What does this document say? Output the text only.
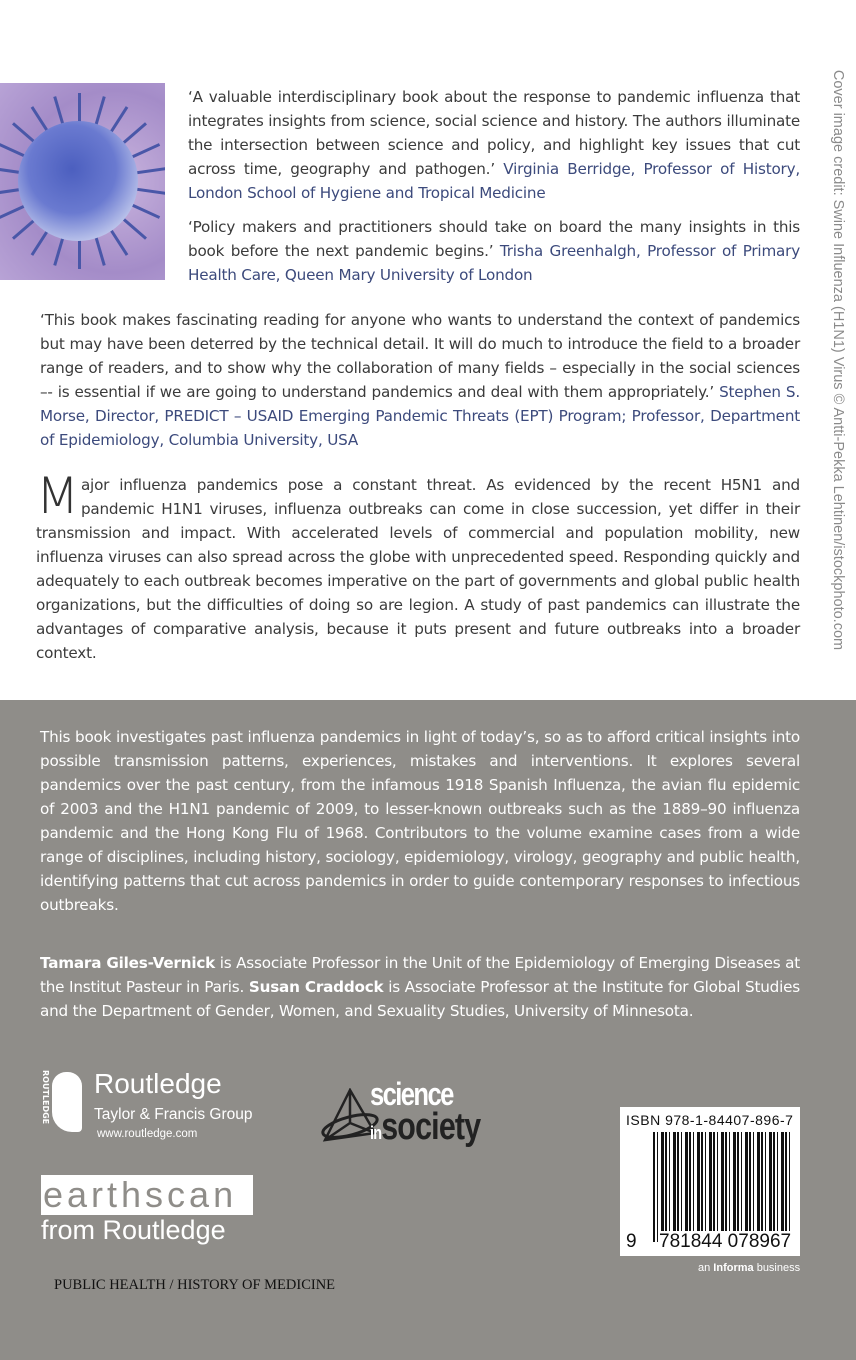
‘A valuable interdisciplinary book about the response to pandemic influenza that integrates insights from science, social science and history. The authors illuminate the intersection between science and policy, and highlight key issues that cut across time, geography and pathogen.’ Virginia Berridge, Professor of History, London School of Hygiene and Tropical Medicine
‘Policy makers and practitioners should take on board the many insights in this book before the next pandemic begins.’ Trisha Greenhalgh, Professor of Primary Health Care, Queen Mary University of London
‘This book makes fascinating reading for anyone who wants to understand the context of pandemics but may have been deterred by the technical detail. It will do much to introduce the field to a broader range of readers, and to show why the collaboration of many fields – especially in the social sciences –- is essential if we are going to understand pandemics and deal with them appropriately.’ Stephen S. Morse, Director, PREDICT – USAID Emerging Pandemic Threats (EPT) Program; Professor, Department of Epidemiology, Columbia University, USA
Major influenza pandemics pose a constant threat. As evidenced by the recent H5N1 and pandemic H1N1 viruses, influenza outbreaks can come in close succession, yet differ in their transmission and impact. With accelerated levels of commercial and population mobility, new influenza viruses can also spread across the globe with unprecedented speed. Responding quickly and adequately to each outbreak becomes imperative on the part of governments and global public health organizations, but the difficulties of doing so are legion. A study of past pandemics can illustrate the advantages of comparative analysis, because it puts present and future outbreaks into a broader context.
Cover image credit: Swine Influenza (H1N1) Virus © Antti-Pekka Lehtinen/istockphoto.com
This book investigates past influenza pandemics in light of today’s, so as to afford critical insights into possible transmission patterns, experiences, mistakes and interventions. It explores several pandemics over the past century, from the infamous 1918 Spanish Influenza, the avian flu epidemic of 2003 and the H1N1 pandemic of 2009, to lesser-known outbreaks such as the 1889–90 influenza pandemic and the Hong Kong Flu of 1968. Contributors to the volume examine cases from a wide range of disciplines, including history, sociology, epidemiology, virology, geography and public health, identifying patterns that cut across pandemics in order to guide contemporary responses to infectious outbreaks.
Tamara Giles-Vernick is Associate Professor in the Unit of the Epidemiology of Emerging Diseases at the Institut Pasteur in Paris. Susan Craddock is Associate Professor at the Institute for Global Studies and the Department of Gender, Women, and Sexuality Studies, University of Minnesota.
ROUTLEDGE Routledge
Taylor & Francis Group
www.routledge.com
science
insociety
earthscan
from Routledge
ISBN 978-1-84407-896-7
9 781844 078967
an Informa business
PUBLIC HEALTH / HISTORY OF MEDICINE
